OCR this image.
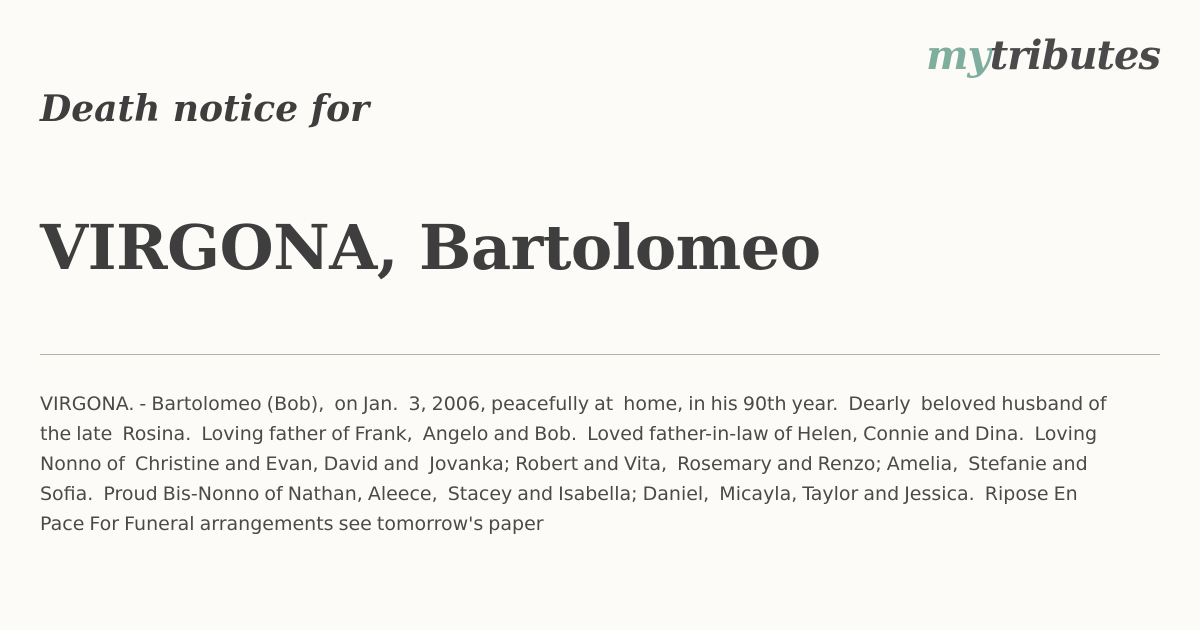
mytributes
Death notice for
VIRGONA, Bartolomeo

VIRGONA. - Bartolomeo (Bob),  on Jan.  3, 2006, peacefully at  home, in his 90th year.  Dearly  beloved husband of the late  Rosina.  Loving father of Frank,  Angelo and Bob.  Loved father-in-law of Helen, Connie and Dina.  Loving Nonno of  Christine and Evan, David and  Jovanka; Robert and Vita,  Rosemary and Renzo; Amelia,  Stefanie and Sofia.  Proud Bis-Nonno of Nathan, Aleece,  Stacey and Isabella; Daniel,  Micayla, Taylor and Jessica.  Ripose En Pace For Funeral arrangements see tomorrow's paper
